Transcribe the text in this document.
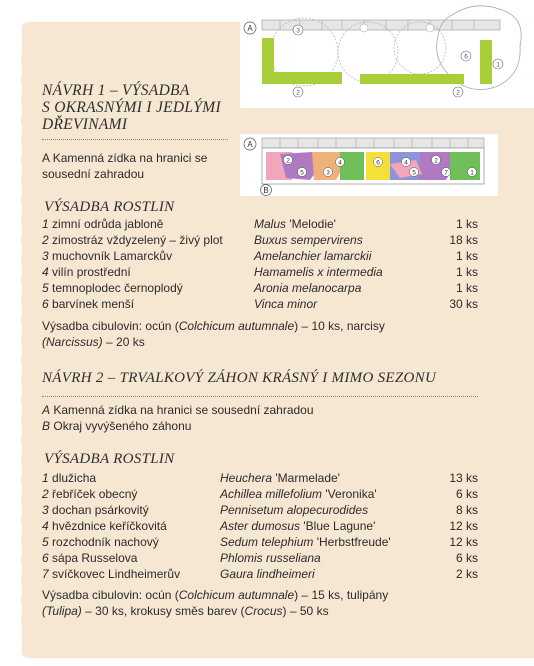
A	3
2	2
6
1
A
B
2
5	3
4	6	4
5
2
7	1
NÁVRH 1 – VÝSADBA
S OKRASNÝMI I JEDLÝMI
DŘEVINAMI
A Kamenná zídka na hranici se
sousední zahradou
VÝSADBA ROSTLIN
1 zimní odrůda jabloně	Malus 'Melodie'	1 ks
2 zimostráz vždyzelený – živý plot	Buxus sempervirens	18 ks
3 muchovník Lamarckův	Amelanchier lamarckii	1 ks
4 vilín prostřední	Hamamelis x intermedia	1 ks
5 temnoplodec černoplodý	Aronia melanocarpa	1 ks
6 barvínek menší	Vinca minor	30 ks
Výsadba cibulovin: ocún (Colchicum autumnale) – 10 ks, narcisy
(Narcissus) – 20 ks
NÁVRH 2 – TRVALKOVÝ ZÁHON KRÁSNÝ I MIMO SEZONU
A Kamenná zídka na hranici se sousední zahradou
B Okraj vyvýšeného záhonu
VÝSADBA ROSTLIN
1 dlužicha	Heuchera 'Marmelade'	13 ks
2 řebříček obecný	Achillea millefolium 'Veronika'	6 ks
3 dochan psárkovitý	Pennisetum alopecurodides	8 ks
4 hvězdnice keříčkovitá	Aster dumosus 'Blue Lagune'	12 ks
5 rozchodník nachový	Sedum telephium 'Herbstfreude'	12 ks
6 sápa Russelova	Phlomis russeliana	6 ks
7 svíčkovec Lindheimerův	Gaura lindheimeri	2 ks
Výsadba cibulovin: ocún (Colchicum autumnale) – 15 ks, tulipány
(Tulipa) – 30 ks, krokusy směs barev (Crocus) – 50 ks
